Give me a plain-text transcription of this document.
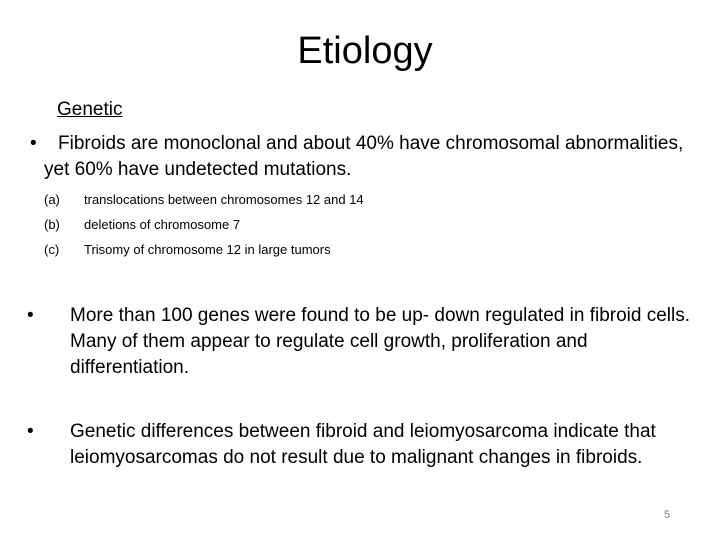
Etiology
Genetic
• Fibroids are monoclonal and about 40% have chromosomal abnormalities, yet 60% have undetected mutations.
(a) translocations between chromosomes 12 and 14
(b) deletions of chromosome 7
(c) Trisomy of chromosome 12 in large tumors
• More than 100 genes were found to be up- down regulated in fibroid cells. Many of them appear to regulate cell growth, proliferation and differentiation.
• Genetic differences between fibroid and leiomyosarcoma indicate that leiomyosarcomas do not result due to malignant changes in fibroids.
5
